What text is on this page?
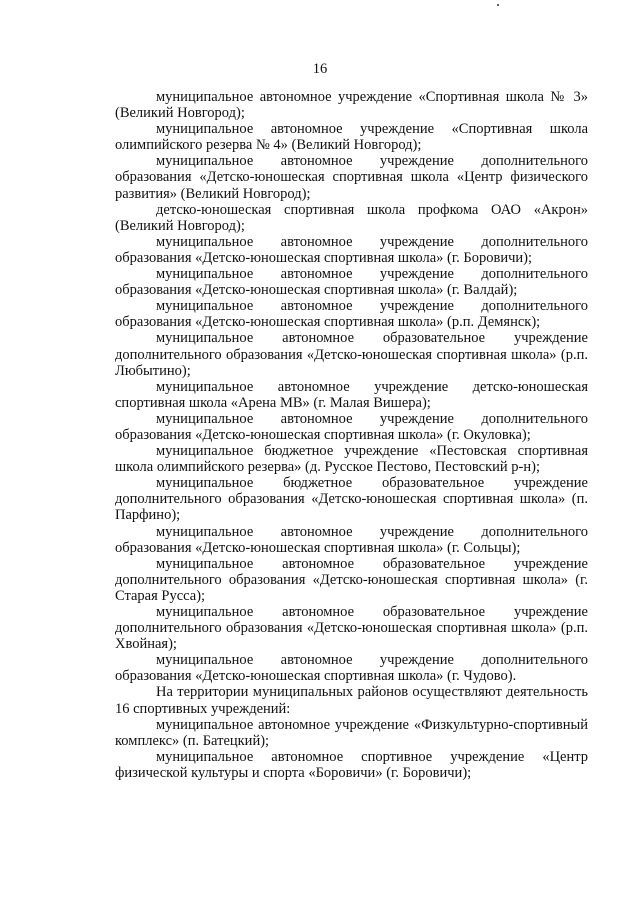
16

муниципальное автономное учреждение «Спортивная школа № 3» (Великий Новгород);

муниципальное автономное учреждение «Спортивная школа олимпийского резерва № 4» (Великий Новгород);

муниципальное автономное учреждение дополнительного образования «Детско-юношеская спортивная школа «Центр физического развития» (Великий Новгород);

детско-юношеская спортивная школа профкома ОАО «Акрон» (Великий Новгород);

муниципальное автономное учреждение дополнительного образования «Детско-юношеская спортивная школа» (г. Боровичи);

муниципальное автономное учреждение дополнительного образования «Детско-юношеская спортивная школа» (г. Валдай);

муниципальное автономное учреждение дополнительного образования «Детско-юношеская спортивная школа» (р.п. Демянск);

муниципальное автономное образовательное учреждение дополнительного образования «Детско-юношеская спортивная школа» (р.п. Любытино);

муниципальное автономное учреждение детско-юношеская спортивная школа «Арена МВ» (г. Малая Вишера);

муниципальное автономное учреждение дополнительного образования «Детско-юношеская спортивная школа» (г. Окуловка);

муниципальное бюджетное учреждение «Пестовская спортивная школа олимпийского резерва» (д. Русское Пестово, Пестовский р-н);

муниципальное бюджетное образовательное учреждение дополнительного образования «Детско-юношеская спортивная школа» (п. Парфино);

муниципальное автономное учреждение дополнительного образования «Детско-юношеская спортивная школа» (г. Сольцы);

муниципальное автономное образовательное учреждение дополнительного образования «Детско-юношеская спортивная школа» (г. Старая Русса);

муниципальное автономное образовательное учреждение дополнительного образования «Детско-юношеская спортивная школа» (р.п. Хвойная);

муниципальное автономное учреждение дополнительного образования «Детско-юношеская спортивная школа» (г. Чудово).

На территории муниципальных районов осуществляют деятельность 16 спортивных учреждений:

муниципальное автономное учреждение «Физкультурно-спортивный комплекс» (п. Батецкий);

муниципальное автономное спортивное учреждение «Центр физической культуры и спорта «Боровичи» (г. Боровичи);
